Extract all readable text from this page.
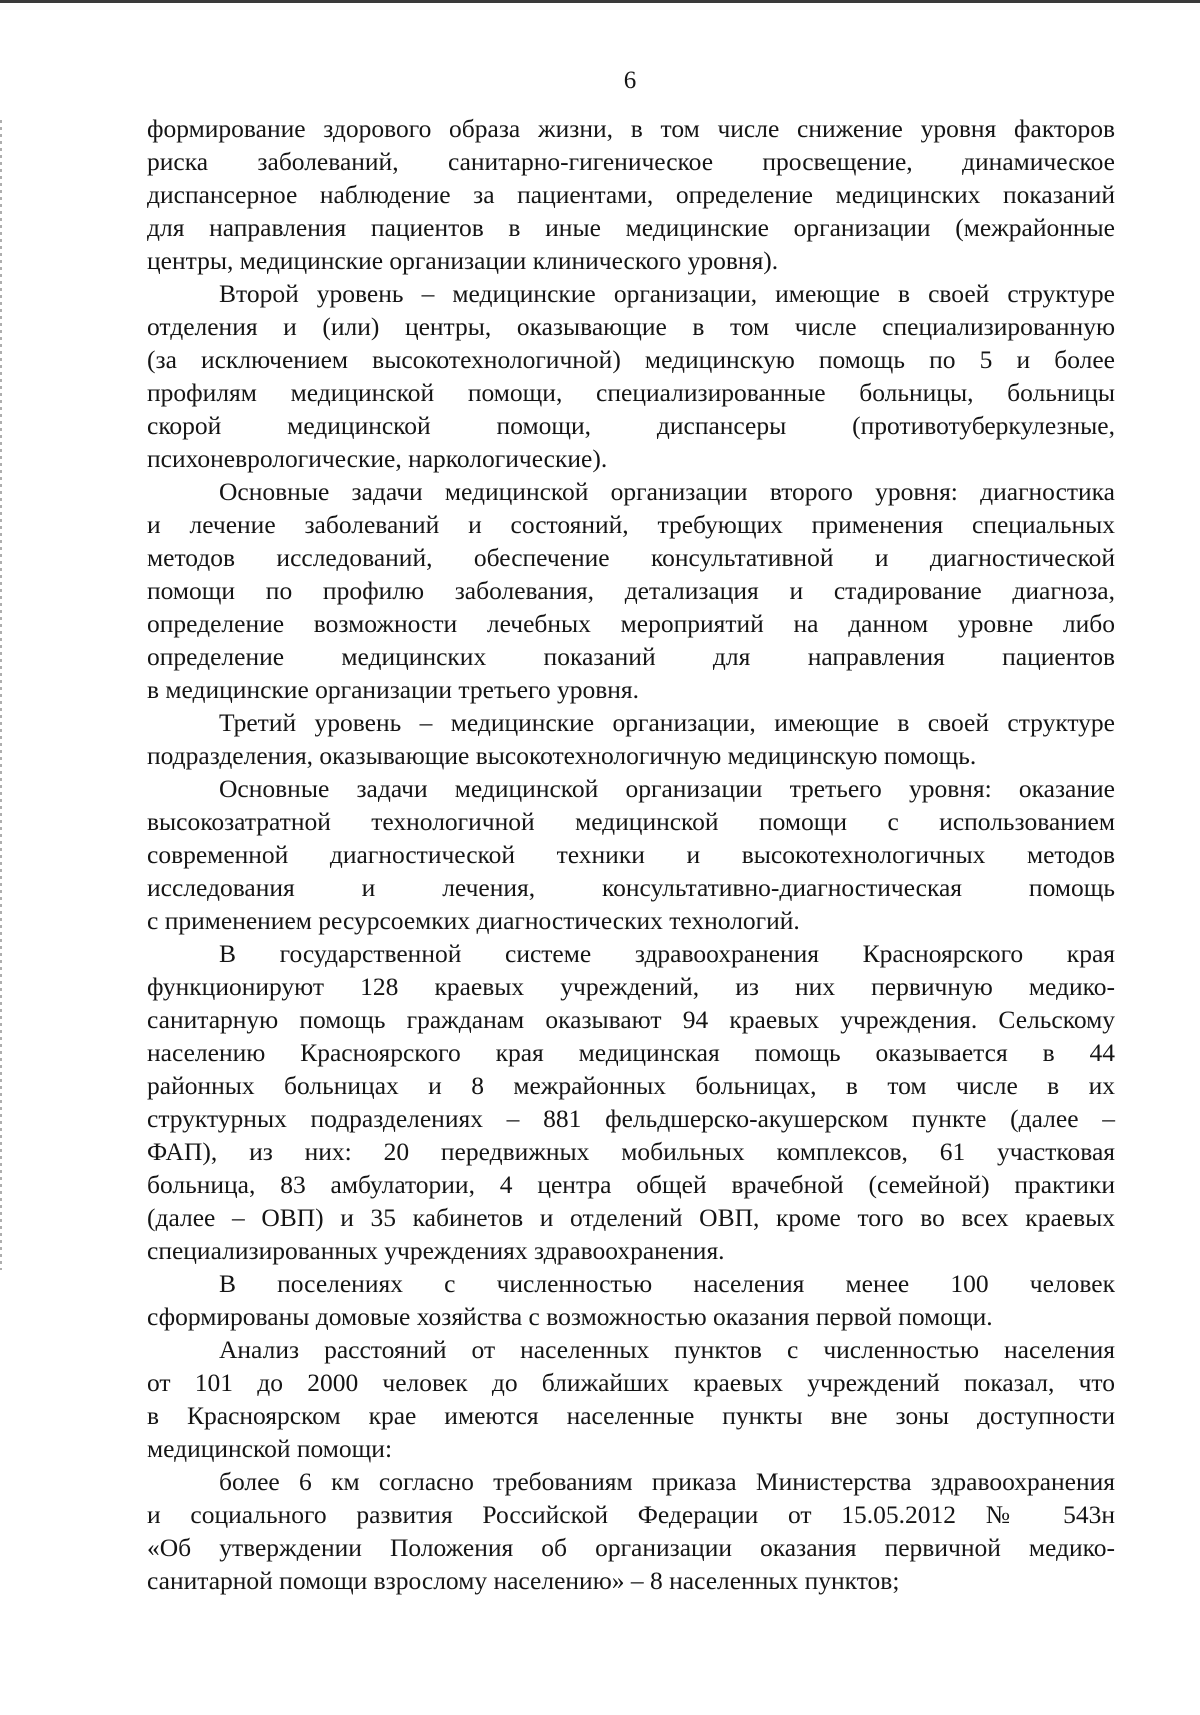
6
формирование здорового образа жизни, в том числе снижение уровня факторов
риска заболеваний, санитарно-гигеническое просвещение, динамическое
диспансерное наблюдение за пациентами, определение медицинских показаний
для направления пациентов в иные медицинские организации (межрайонные
центры, медицинские организации клинического уровня).
Второй уровень – медицинские организации, имеющие в своей структуре
отделения и (или) центры, оказывающие в том числе специализированную
(за исключением высокотехнологичной) медицинскую помощь по 5 и более
профилям медицинской помощи, специализированные больницы, больницы
скорой медицинской помощи, диспансеры (противотуберкулезные,
психоневрологические, наркологические).
Основные задачи медицинской организации второго уровня: диагностика
и лечение заболеваний и состояний, требующих применения специальных
методов исследований, обеспечение консультативной и диагностической
помощи по профилю заболевания, детализация и стадирование диагноза,
определение возможности лечебных мероприятий на данном уровне либо
определение медицинских показаний для направления пациентов
в медицинские организации третьего уровня.
Третий уровень – медицинские организации, имеющие в своей структуре
подразделения, оказывающие высокотехнологичную медицинскую помощь.
Основные задачи медицинской организации третьего уровня: оказание
высокозатратной технологичной медицинской помощи с использованием
современной диагностической техники и высокотехнологичных методов
исследования и лечения, консультативно-диагностическая помощь
с применением ресурсоемких диагностических технологий.
В государственной системе здравоохранения Красноярского края
функционируют 128 краевых учреждений, из них первичную медико-
санитарную помощь гражданам оказывают 94 краевых учреждения. Сельскому
населению Красноярского края медицинская помощь оказывается в 44
районных больницах и 8 межрайонных больницах, в том числе в их
структурных подразделениях – 881 фельдшерско-акушерском пункте (далее –
ФАП), из них: 20 передвижных мобильных комплексов, 61 участковая
больница, 83 амбулатории, 4 центра общей врачебной (семейной) практики
(далее – ОВП) и 35 кабинетов и отделений ОВП, кроме того во всех краевых
специализированных учреждениях здравоохранения.
В поселениях с численностью населения менее 100 человек
сформированы домовые хозяйства с возможностью оказания первой помощи.
Анализ расстояний от населенных пунктов с численностью населения
от 101 до 2000 человек до ближайших краевых учреждений показал, что
в Красноярском крае имеются населенные пункты вне зоны доступности
медицинской помощи:
более 6 км согласно требованиям приказа Министерства здравоохранения
и социального развития Российской Федерации от 15.05.2012 № 543н
«Об утверждении Положения об организации оказания первичной медико-
санитарной помощи взрослому населению» – 8 населенных пунктов;
